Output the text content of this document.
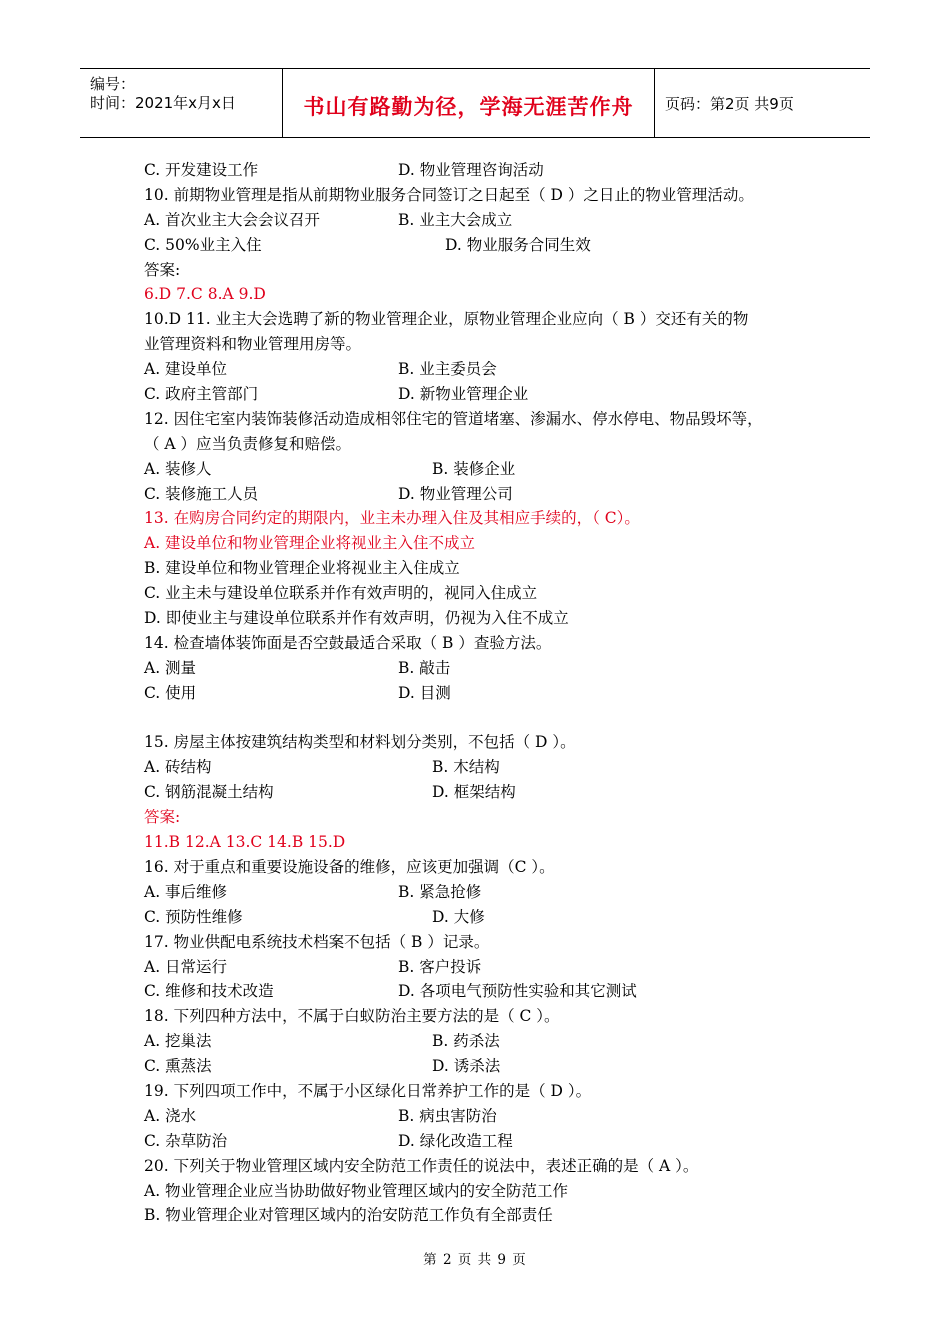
编号：
时间：2021年x月x日	书山有路勤为径，学海无涯苦作舟	页码：第2页 共9页
C. 开发建设工作	D. 物业管理咨询活动
10. 前期物业管理是指从前期物业服务合同签订之日起至（ D ）之日止的物业管理活动。
A. 首次业主大会会议召开	B. 业主大会成立
C. 50%业主入住	D. 物业服务合同生效
答案:
6.D 7.C 8.A 9.D
10.D 11. 业主大会选聘了新的物业管理企业，原物业管理企业应向（ B ）交还有关的物
业管理资料和物业管理用房等。
A. 建设单位	B. 业主委员会
C. 政府主管部门	D. 新物业管理企业
12. 因住宅室内装饰装修活动造成相邻住宅的管道堵塞、渗漏水、停水停电、物品毁坏等，
（ A ）应当负责修复和赔偿。
A. 装修人	B. 装修企业
C. 装修施工人员	D. 物业管理公司
13. 在购房合同约定的期限内，业主未办理入住及其相应手续的，（ C）。
A. 建设单位和物业管理企业将视业主入住不成立
B. 建设单位和物业管理企业将视业主入住成立
C. 业主未与建设单位联系并作有效声明的，视同入住成立
D. 即使业主与建设单位联系并作有效声明，仍视为入住不成立
14. 检查墙体装饰面是否空鼓最适合采取（ B ）查验方法。
A. 测量	B. 敲击
C. 使用	D. 目测
15. 房屋主体按建筑结构类型和材料划分类别，不包括（ D ）。
A. 砖结构	B. 木结构
C. 钢筋混凝土结构	D. 框架结构
答案:
11.B 12.A 13.C 14.B 15.D
16. 对于重点和重要设施设备的维修，应该更加强调（C ）。
A. 事后维修	B. 紧急抢修
C. 预防性维修	D. 大修
17. 物业供配电系统技术档案不包括（ B ）记录。
A. 日常运行	B. 客户投诉
C. 维修和技术改造	D. 各项电气预防性实验和其它测试
18. 下列四种方法中，不属于白蚁防治主要方法的是（ C ）。
A. 挖巢法	B. 药杀法
C. 熏蒸法	D. 诱杀法
19. 下列四项工作中，不属于小区绿化日常养护工作的是（ D ）。
A. 浇水	B. 病虫害防治
C. 杂草防治	D. 绿化改造工程
20. 下列关于物业管理区域内安全防范工作责任的说法中，表述正确的是（ A ）。
A. 物业管理企业应当协助做好物业管理区域内的安全防范工作
B. 物业管理企业对管理区域内的治安防范工作负有全部责任
第 2 页 共 9 页
